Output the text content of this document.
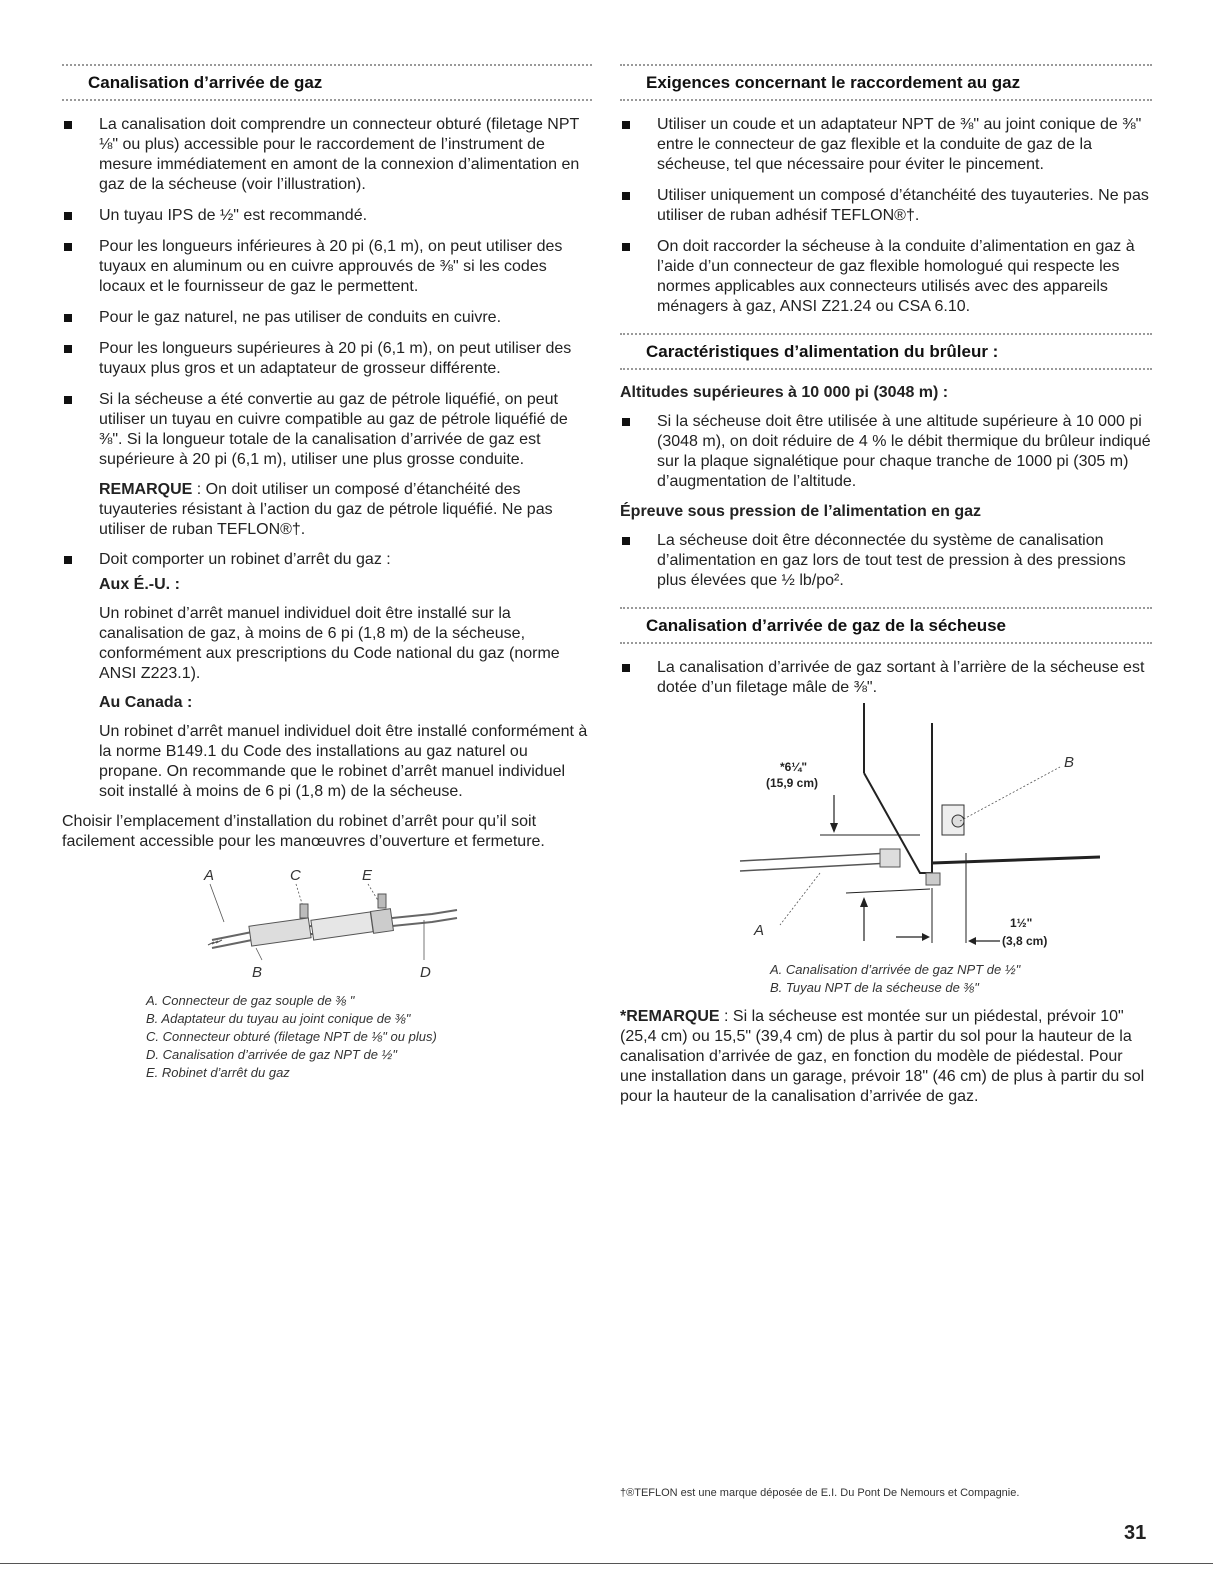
Canalisation d’arrivée de gaz
La canalisation doit comprendre un connecteur obturé (filetage NPT ⅛" ou plus) accessible pour le raccordement de l’instrument de mesure immédiatement en amont de la connexion d’alimentation en gaz de la sécheuse (voir l’illustration).
Un tuyau IPS de ½" est recommandé.
Pour les longueurs inférieures à 20 pi (6,1 m), on peut utiliser des tuyaux en aluminum ou en cuivre approuvés de ⅜" si les codes locaux et le fournisseur de gaz le permettent.
Pour le gaz naturel, ne pas utiliser de conduits en cuivre.
Pour les longueurs supérieures à 20 pi (6,1 m), on peut utiliser des tuyaux plus gros et un adaptateur de grosseur différente.
Si la sécheuse a été convertie au gaz de pétrole liquéfié, on peut utiliser un tuyau en cuivre compatible au gaz de pétrole liquéfié de ⅜". Si la longueur totale de la canalisation d’arrivée de gaz est supérieure à 20 pi (6,1 m), utiliser une plus grosse conduite.

REMARQUE : On doit utiliser un composé d’étanchéité des tuyauteries résistant à l’action du gaz de pétrole liquéfié. Ne pas utiliser de ruban TEFLON®†.

Doit comporter un robinet d’arrêt du gaz :
Aux É.-U. :

Un robinet d’arrêt manuel individuel doit être installé sur la canalisation de gaz, à moins de 6 pi (1,8 m) de la sécheuse, conformément aux prescriptions du Code national du gaz (norme ANSI Z223.1).

Au Canada :

Un robinet d’arrêt manuel individuel doit être installé conformément à la norme B149.1 du Code des installations au gaz naturel ou propane. On recommande que le robinet d’arrêt manuel individuel soit installé à moins de 6 pi (1,8 m) de la sécheuse.

Choisir l’emplacement d’installation du robinet d’arrêt pour qu’il soit facilement accessible pour les manœuvres d’ouverture et fermeture.

A	C	E
B	D
A. Connecteur de gaz souple de ⅜ "
B. Adaptateur du tuyau au joint conique de ⅜"
C. Connecteur obturé (filetage NPT de ⅛" ou plus)
D. Canalisation d’arrivée de gaz NPT de ½"
E. Robinet d’arrêt du gaz
Exigences concernant le raccordement au gaz
Utiliser un coude et un adaptateur NPT de ⅜" au joint conique de ⅜" entre le connecteur de gaz flexible et la conduite de gaz de la sécheuse, tel que nécessaire pour éviter le pincement.
Utiliser uniquement un composé d’étanchéité des tuyauteries. Ne pas utiliser de ruban adhésif TEFLON®†.
On doit raccorder la sécheuse à la conduite d’alimentation en gaz à l’aide d’un connecteur de gaz flexible homologué qui respecte les normes applicables aux connecteurs utilisés avec des appareils ménagers à gaz, ANSI Z21.24 ou CSA 6.10.
Caractéristiques d’alimentation du brûleur :
Altitudes supérieures à 10 000 pi (3048 m) :
Si la sécheuse doit être utilisée à une altitude supérieure à 10 000 pi (3048 m), on doit réduire de 4 % le débit thermique du brûleur indiqué sur la plaque signalétique pour chaque tranche de 1000 pi (305 m) d’augmentation de l’altitude.
Épreuve sous pression de l’alimentation en gaz
La sécheuse doit être déconnectée du système de canalisation d’alimentation en gaz lors de tout test de pression à des pressions plus élevées que ½ lb/po².
Canalisation d’arrivée de gaz de la sécheuse
La canalisation d’arrivée de gaz sortant à l’arrière de la sécheuse est dotée d’un filetage mâle de ⅜".
*6¼"
(15,9 cm)
B
A	1½"
(3,8 cm)
A. Canalisation d’arrivée de gaz NPT de ½"
B. Tuyau NPT de la sécheuse de ⅜"

*REMARQUE : Si la sécheuse est montée sur un piédestal, prévoir 10" (25,4 cm) ou 15,5" (39,4 cm) de plus à partir du sol pour la hauteur de la canalisation d’arrivée de gaz, en fonction du modèle de piédestal. Pour une installation dans un garage, prévoir 18" (46 cm) de plus à partir du sol pour la hauteur de la canalisation d’arrivée de gaz.

†®TEFLON est une marque déposée de E.I. Du Pont De Nemours et Compagnie.
31
